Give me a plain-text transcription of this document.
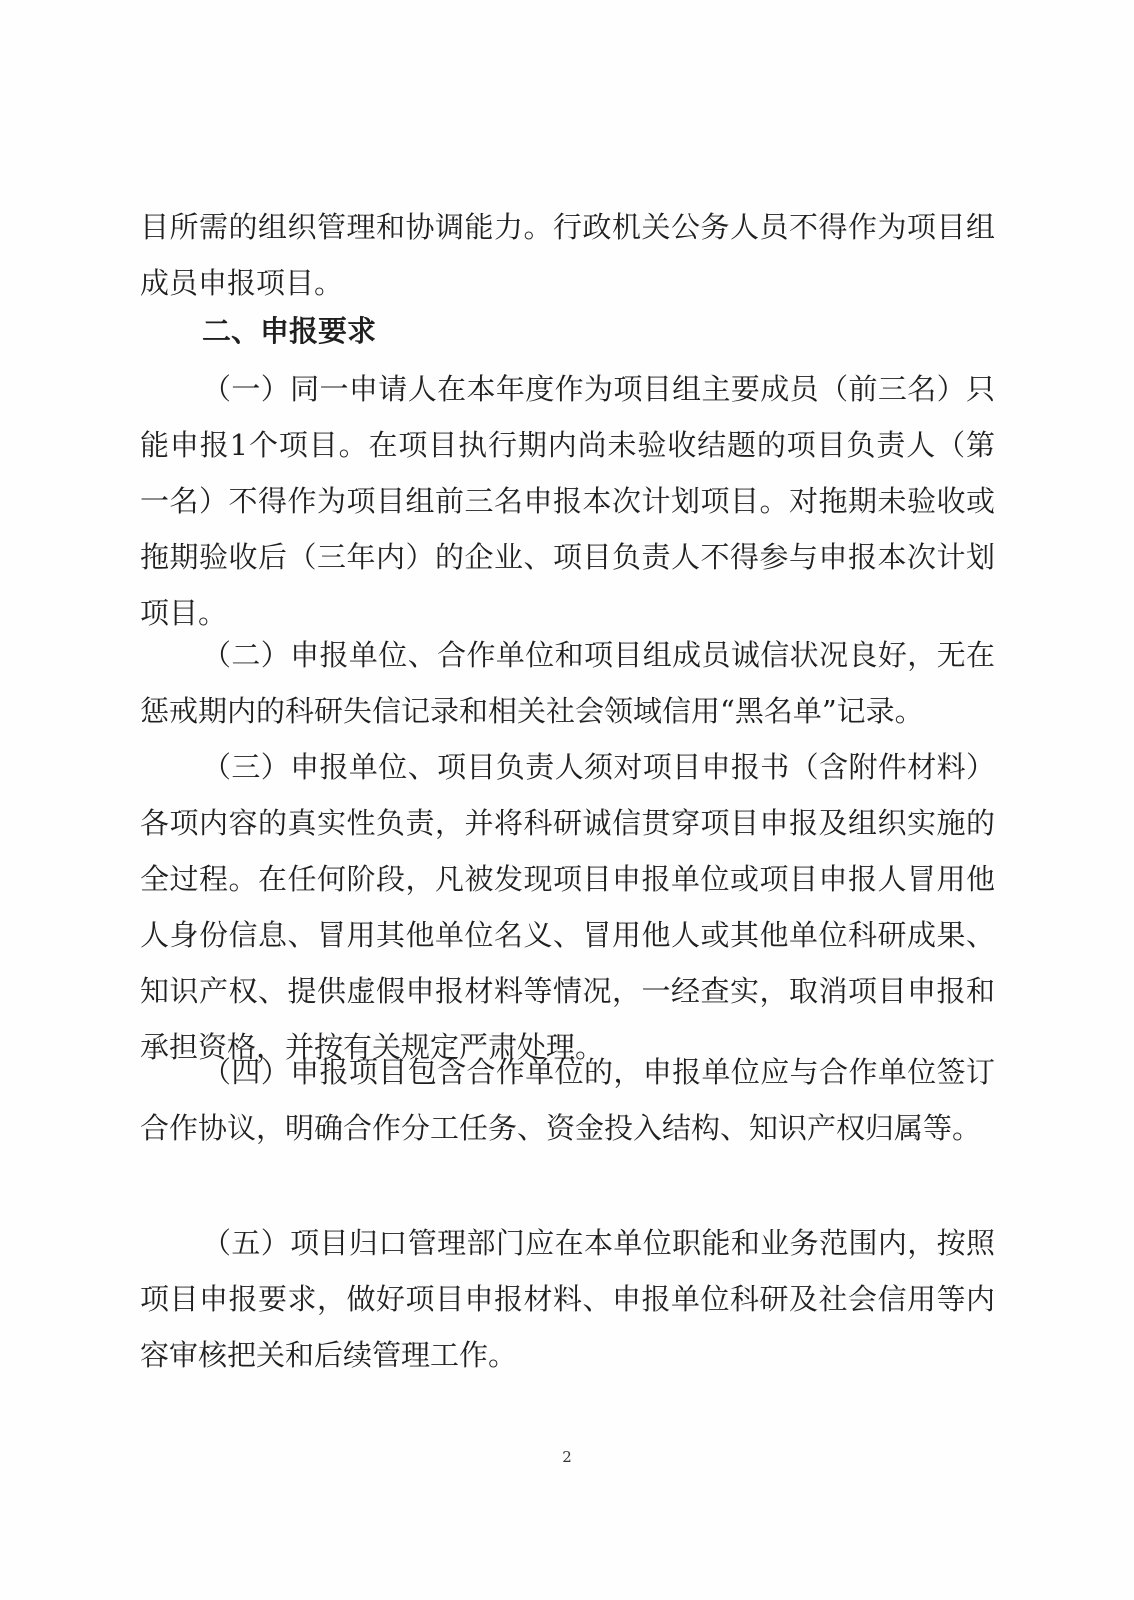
目所需的组织管理和协调能力。行政机关公务人员不得作为项目组成员申报项目。

二、申报要求

（一）同一申请人在本年度作为项目组主要成员（前三名）只能申报1个项目。在项目执行期内尚未验收结题的项目负责人（第一名）不得作为项目组前三名申报本次计划项目。对拖期未验收或拖期验收后（三年内）的企业、项目负责人不得参与申报本次计划项目。

（二）申报单位、合作单位和项目组成员诚信状况良好，无在惩戒期内的科研失信记录和相关社会领域信用“黑名单”记录。

（三）申报单位、项目负责人须对项目申报书（含附件材料）各项内容的真实性负责，并将科研诚信贯穿项目申报及组织实施的全过程。在任何阶段，凡被发现项目申报单位或项目申报人冒用他人身份信息、冒用其他单位名义、冒用他人或其他单位科研成果、知识产权、提供虚假申报材料等情况，一经查实，取消项目申报和承担资格，并按有关规定严肃处理。

（四）申报项目包含合作单位的，申报单位应与合作单位签订合作协议，明确合作分工任务、资金投入结构、知识产权归属等。

（五）项目归口管理部门应在本单位职能和业务范围内，按照项目申报要求，做好项目申报材料、申报单位科研及社会信用等内容审核把关和后续管理工作。

2
